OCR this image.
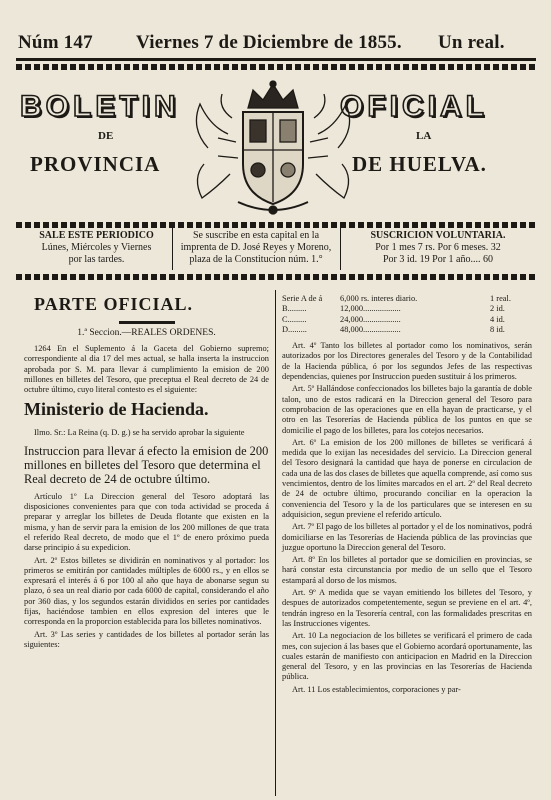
Núm 147 Viernes 7 de Diciembre de 1855. Un real.
BOLETIN	OFICIAL
DE	LA
PROVINCIA	DE HUELVA.
SALE ESTE PERIODICO
Lúnes, Miércoles y Viernes
por las tardes.
Se suscribe en esta capital en la
imprenta de D. José Reyes y Moreno,
plaza de la Constitucion núm. 1.°
SUSCRICION VOLUNTARIA.
Por 1 mes 7 rs. Por 6 meses. 32
Por 3 id. 19 Por 1 año.... 60
PARTE OFICIAL.
1.ª Seccion.—REALES ORDENES.

1264 En el Suplemento á la Gaceta del Gobierno supremo; correspondiente al dia 17 del mes actual, se halla inserta la instruccion aprobada por S. M. para llevar á cumplimiento la emision de 200 millones en billetes del Tesoro, que preceptua el Real decreto de 24 de octubre último, cuyo literal contesto es el siguiente:

Ministerio de Hacienda.

Ilmo. Sr.: La Reina (q. D. g.) se ha servido aprobar la siguiente

Instruccion para llevar á efecto la emision de 200 millones en billetes del Tesoro que determina el Real decreto de 24 de octubre último.

Artículo 1º La Direccion general del Tesoro adoptará las disposiciones convenientes para que con toda actividad se proceda á preparar y arreglar los billetes de Deuda flotante que existen en la misma, y han de servir para la emision de los 200 millones de que trata el referido Real decreto, de modo que el 1º de enero próximo pueda darse principio á su expedicion.

Art. 2º Estos billetes se dividirán en nominativos y al portador: los primeros se emitirán por cantidades múltiples de 6000 rs., y en ellos se expresará el interés á 6 por 100 al año que haya de abonarse segun su plazo, ó sea un real diario por cada 6000 de capital, considerando el año por 360 dias, y los segundos estarán divididos en series por cantidades fijas, haciéndose tambien en ellos expresion del interes que le corresponda en la proporcion establecida para los billetes nominativos.

Art. 3º Las series y cantidades de los billetes al portador serán las siguientes:

Serie A de á	6,000 rs. interes diario.	1 real.
B.........	12,000..................	2 id.
C.........	24,000..................	4 id.
D.........	48,000..................	8 id.

Art. 4º Tanto los billetes al portador como los nominativos, serán autorizados por los Directores generales del Tesoro y de la Contabilidad de la Hacienda pública, ó por los segundos Jefes de las respectivas dependencias, quienes por Instruccion pueden sustituir á los primeros.

Art. 5º Hallándose confeccionados los billetes bajo la garantía de doble talon, uno de estos radicará en la Direccion general del Tesoro para comprobacion de las operaciones que en ella hayan de practicarse, y el otro en las Tesorerías de Hacienda pública de los puntos en que se domicilie el pago de los billetes, para los cotejos necesarios.

Art. 6º La emision de los 200 millones de billetes se verificará á medida que lo exijan las necesidades del servicio. La Direccion general del Tesoro designará la cantidad que haya de ponerse en circulacion de cada una de las dos clases de billetes que aquella comprende, así como sus vencimientos, dentro de los límites marcados en el art. 2º del Real decreto de 24 de octubre último, procurando conciliar en la operacion la conveniencia del Tesoro y la de los particulares que se interesen en su adquisicion, segun previene el referido artículo.

Art. 7º El pago de los billetes al portador y el de los nominativos, podrá domiciliarse en las Tesorerías de Hacienda pública de las provincias que juzgue oportuno la Direccion general del Tesoro.

Art. 8º En los billetes al portador que se domicilien en provincias, se hará constar esta circunstancia por medio de un sello que el Tesoro estampará al dorso de los mismos.

Art. 9º A medida que se vayan emitiendo los billetes del Tesoro, y despues de autorizados competentemente, segun se previene en el art. 4º, tendrán ingreso en la Tesorería central, con las formalidades prescritas en las Instrucciones vigentes.

Art. 10 La negociacion de los billetes se verificará el primero de cada mes, con sujecion á las bases que el Gobierno acordará oportunamente, las cuales estarán de manifiesto con anticipacion en Madrid en la Direccion general del Tesoro, y en las provincias en las Tesorerías de Hacienda pública.

Art. 11 Los establecimientos, corporaciones y par-
